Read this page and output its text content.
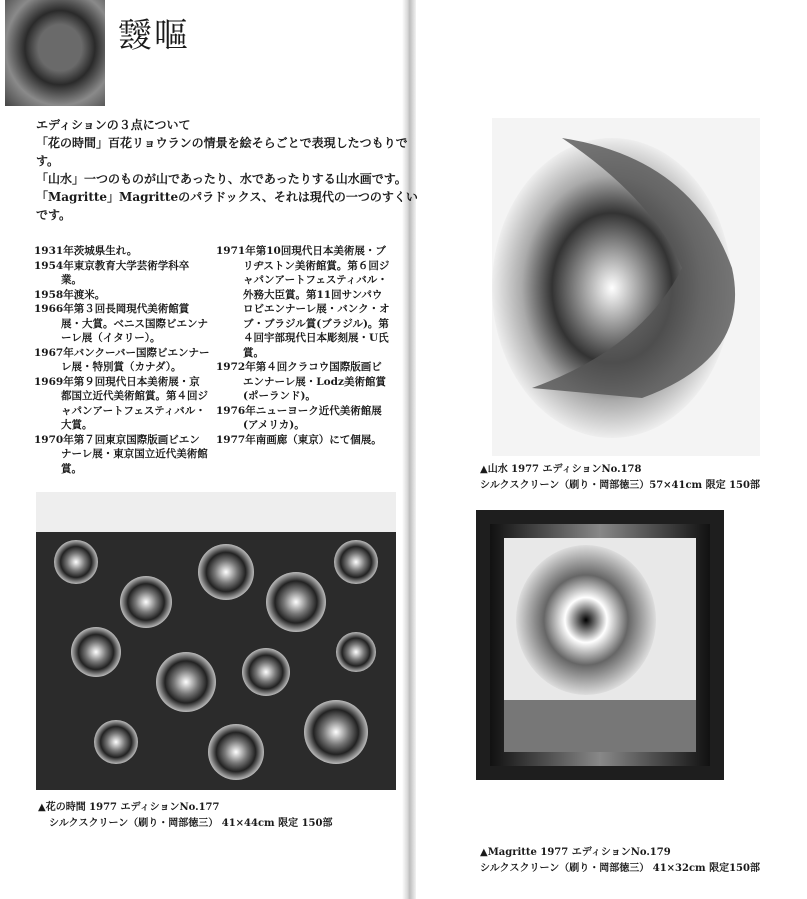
靉嘔
エディションの３点について
「花の時間」百花リョウランの情景を絵そらごとで表現したつもりです。
「山水」一つのものが山であったり、水であったりする山水画です。
「Magritte」Magritteのパラドックス、それは現代の一つのすくいです。

1931年茨城県生れ。

1954年東京教育大学芸術学科卒業。

1958年渡米。

1966年第３回長岡現代美術館賞展・大賞。ベニス国際ビエンナーレ展（イタリー）。

1967年バンクーバー国際ビエンナーレ展・特別賞（カナダ）。

1969年第９回現代日本美術展・京都国立近代美術館賞。第４回ジャパンアートフェスティバル・大賞。

1970年第７回東京国際版画ビエンナーレ展・東京国立近代美術館賞。

1971年第10回現代日本美術展・ブリヂストン美術館賞。第６回ジャパンアートフェスティバル・外務大臣賞。第11回サンパウロビエンナーレ展・バンク・オブ・ブラジル賞(ブラジル)。第４回宇部現代日本彫刻展・U氏賞。

1972年第４回クラコウ国際版画ビエンナーレ展・Lodz美術館賞(ポーランド)。

1976年ニューヨーク近代美術館展(アメリカ)。

1977年南画廊（東京）にて個展。

▲花の時間 1977 エディションNo.177
シルクスクリーン（刷り・岡部徳三） 41×44cm 限定 150部
▲山水 1977 エディションNo.178
シルクスクリーン（刷り・岡部徳三）57×41cm 限定 150部
▲Magritte 1977 エディションNo.179
シルクスクリーン（刷り・岡部徳三） 41×32cm 限定150部
